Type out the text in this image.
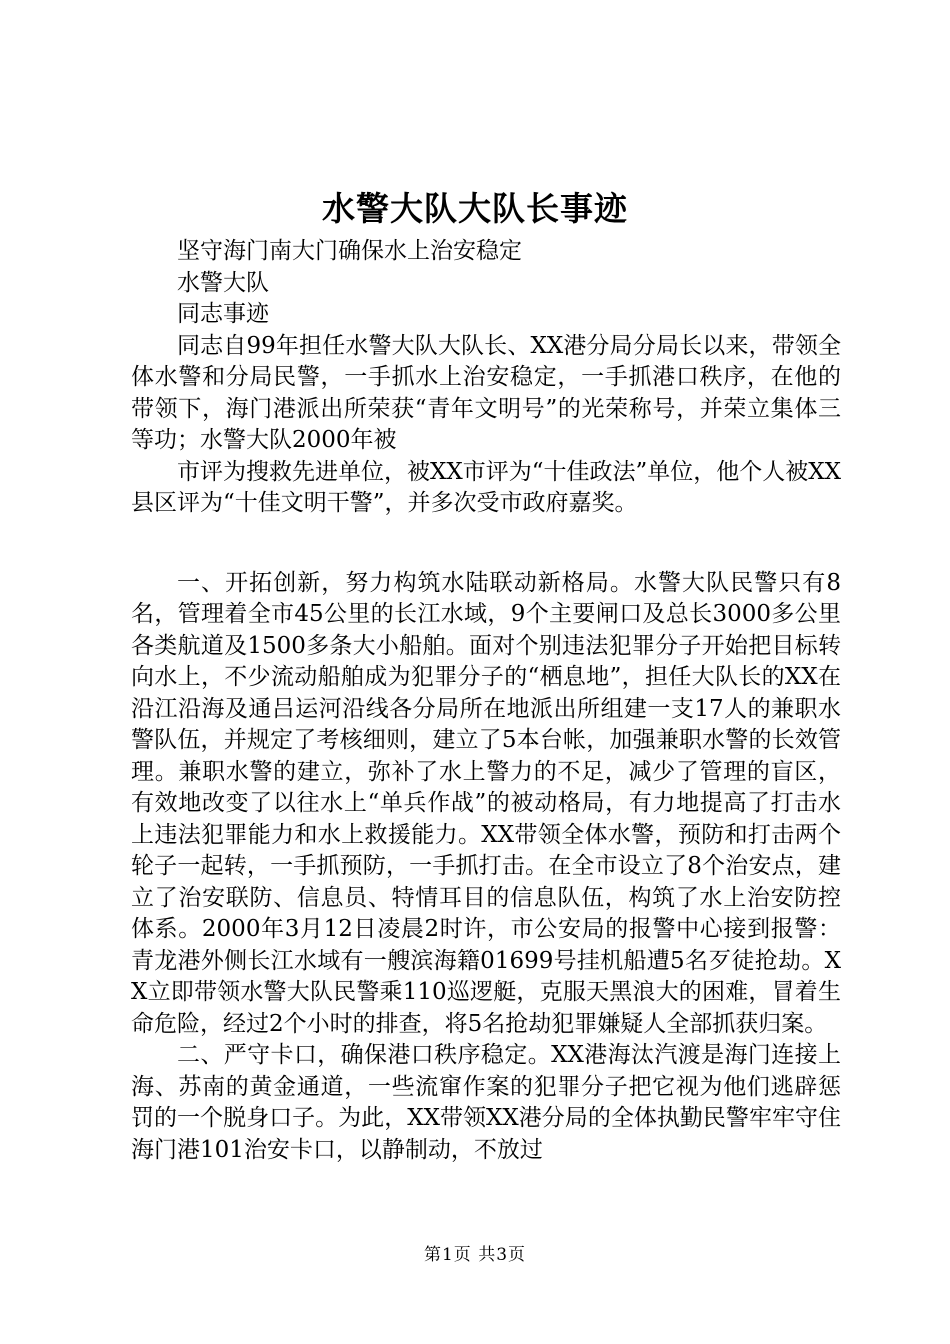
水警大队大队长事迹

坚守海门南大门确保水上治安稳定

水警大队

同志事迹

同志自99年担任水警大队大队长、XX港分局分局长以来，带领全体水警和分局民警，一手抓水上治安稳定，一手抓港口秩序，在他的带领下，海门港派出所荣获“青年文明号”的光荣称号，并荣立集体三等功；水警大队2000年被

市评为搜救先进单位，被XX市评为“十佳政法”单位，他个人被XX县区评为“十佳文明干警”，并多次受市政府嘉奖。

一、开拓创新，努力构筑水陆联动新格局。水警大队民警只有8名，管理着全市45公里的长江水域，9个主要闸口及总长3000多公里各类航道及1500多条大小船舶。面对个别违法犯罪分子开始把目标转向水上，不少流动船舶成为犯罪分子的“栖息地”，担任大队长的XX在沿江沿海及通吕运河沿线各分局所在地派出所组建一支17人的兼职水警队伍，并规定了考核细则，建立了5本台帐，加强兼职水警的长效管理。兼职水警的建立，弥补了水上警力的不足，减少了管理的盲区，有效地改变了以往水上“单兵作战”的被动格局，有力地提高了打击水上违法犯罪能力和水上救援能力。XX带领全体水警，预防和打击两个轮子一起转，一手抓预防，一手抓打击。在全市设立了8个治安点，建立了治安联防、信息员、特情耳目的信息队伍，构筑了水上治安防控体系。2000年3月12日凌晨2时许，市公安局的报警中心接到报警：青龙港外侧长江水域有一艘滨海籍01699号挂机船遭5名歹徒抢劫。XX立即带领水警大队民警乘110巡逻艇，克服天黑浪大的困难，冒着生命危险，经过2个小时的排查，将5名抢劫犯罪嫌疑人全部抓获归案。

二、严守卡口，确保港口秩序稳定。XX港海汰汽渡是海门连接上海、苏南的黄金通道，一些流窜作案的犯罪分子把它视为他们逃辟惩罚的一个脱身口子。为此，XX带领XX港分局的全体执勤民警牢牢守住海门港101治安卡口，以静制动，不放过

第1页 共3页
